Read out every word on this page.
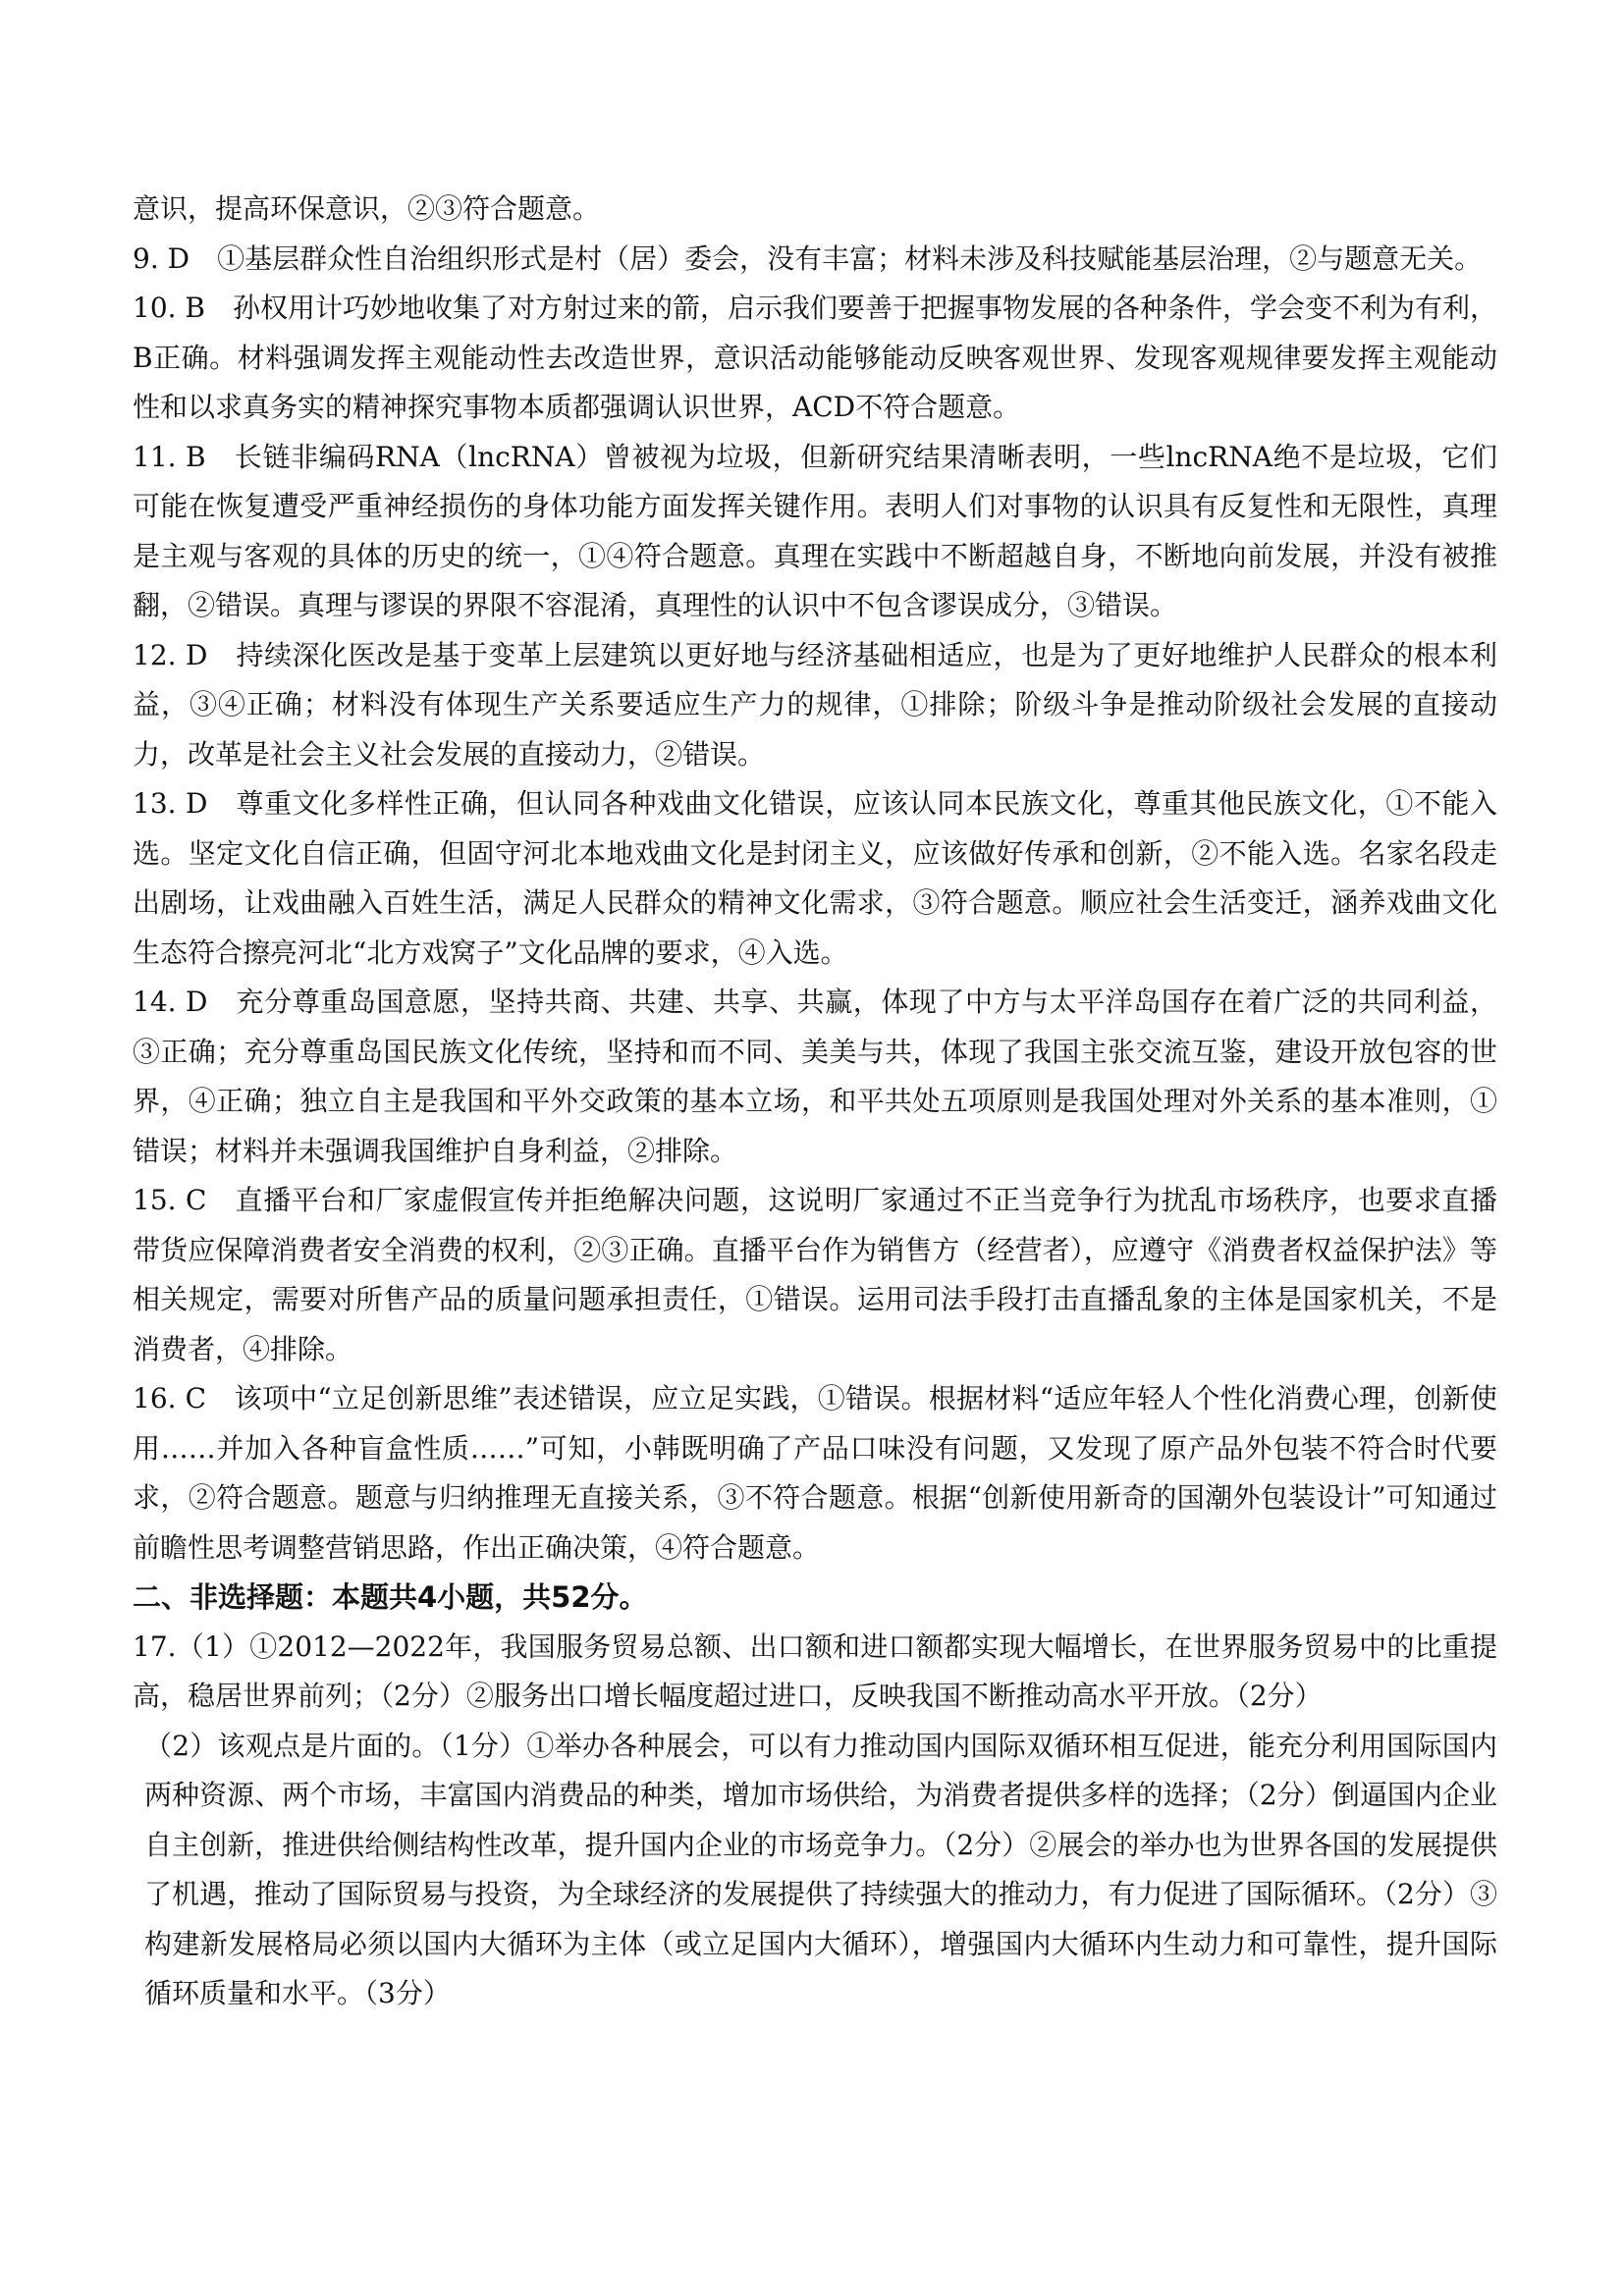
意识，提高环保意识，②③符合题意。

9. D　①基层群众性自治组织形式是村（居）委会，没有丰富；材料未涉及科技赋能基层治理，②与题意无关。

10. B　孙权用计巧妙地收集了对方射过来的箭，启示我们要善于把握事物发展的各种条件，学会变不利为有利，B正确。材料强调发挥主观能动性去改造世界，意识活动能够能动反映客观世界、发现客观规律要发挥主观能动性和以求真务实的精神探究事物本质都强调认识世界，ACD不符合题意。

11. B　长链非编码RNA（lncRNA）曾被视为垃圾，但新研究结果清晰表明，一些lncRNA绝不是垃圾，它们可能在恢复遭受严重神经损伤的身体功能方面发挥关键作用。表明人们对事物的认识具有反复性和无限性，真理是主观与客观的具体的历史的统一，①④符合题意。真理在实践中不断超越自身，不断地向前发展，并没有被推翻，②错误。真理与谬误的界限不容混淆，真理性的认识中不包含谬误成分，③错误。

12. D　持续深化医改是基于变革上层建筑以更好地与经济基础相适应，也是为了更好地维护人民群众的根本利益，③④正确；材料没有体现生产关系要适应生产力的规律，①排除；阶级斗争是推动阶级社会发展的直接动力，改革是社会主义社会发展的直接动力，②错误。

13. D　尊重文化多样性正确，但认同各种戏曲文化错误，应该认同本民族文化，尊重其他民族文化，①不能入选。坚定文化自信正确，但固守河北本地戏曲文化是封闭主义，应该做好传承和创新，②不能入选。名家名段走出剧场，让戏曲融入百姓生活，满足人民群众的精神文化需求，③符合题意。顺应社会生活变迁，涵养戏曲文化生态符合擦亮河北“北方戏窝子”文化品牌的要求，④入选。

14. D　充分尊重岛国意愿，坚持共商、共建、共享、共赢，体现了中方与太平洋岛国存在着广泛的共同利益，③正确；充分尊重岛国民族文化传统，坚持和而不同、美美与共，体现了我国主张交流互鉴，建设开放包容的世界，④正确；独立自主是我国和平外交政策的基本立场，和平共处五项原则是我国处理对外关系的基本准则，①错误；材料并未强调我国维护自身利益，②排除。

15. C　直播平台和厂家虚假宣传并拒绝解决问题，这说明厂家通过不正当竞争行为扰乱市场秩序，也要求直播带货应保障消费者安全消费的权利，②③正确。直播平台作为销售方（经营者），应遵守《消费者权益保护法》等相关规定，需要对所售产品的质量问题承担责任，①错误。运用司法手段打击直播乱象的主体是国家机关，不是消费者，④排除。

16. C　该项中“立足创新思维”表述错误，应立足实践，①错误。根据材料“适应年轻人个性化消费心理，创新使用……并加入各种盲盒性质……”可知，小韩既明确了产品口味没有问题，又发现了原产品外包装不符合时代要求，②符合题意。题意与归纳推理无直接关系，③不符合题意。根据“创新使用新奇的国潮外包装设计”可知通过前瞻性思考调整营销思路，作出正确决策，④符合题意。

二、非选择题：本题共4小题，共52分。

17.（1）①2012—2022年，我国服务贸易总额、出口额和进口额都实现大幅增长，在世界服务贸易中的比重提高，稳居世界前列；（2分）②服务出口增长幅度超过进口，反映我国不断推动高水平开放。（2分）

（2）该观点是片面的。（1分）①举办各种展会，可以有力推动国内国际双循环相互促进，能充分利用国际国内两种资源、两个市场，丰富国内消费品的种类，增加市场供给，为消费者提供多样的选择；（2分）倒逼国内企业自主创新，推进供给侧结构性改革，提升国内企业的市场竞争力。（2分）②展会的举办也为世界各国的发展提供了机遇，推动了国际贸易与投资，为全球经济的发展提供了持续强大的推动力，有力促进了国际循环。（2分）③构建新发展格局必须以国内大循环为主体（或立足国内大循环），增强国内大循环内生动力和可靠性，提升国际循环质量和水平。（3分）
